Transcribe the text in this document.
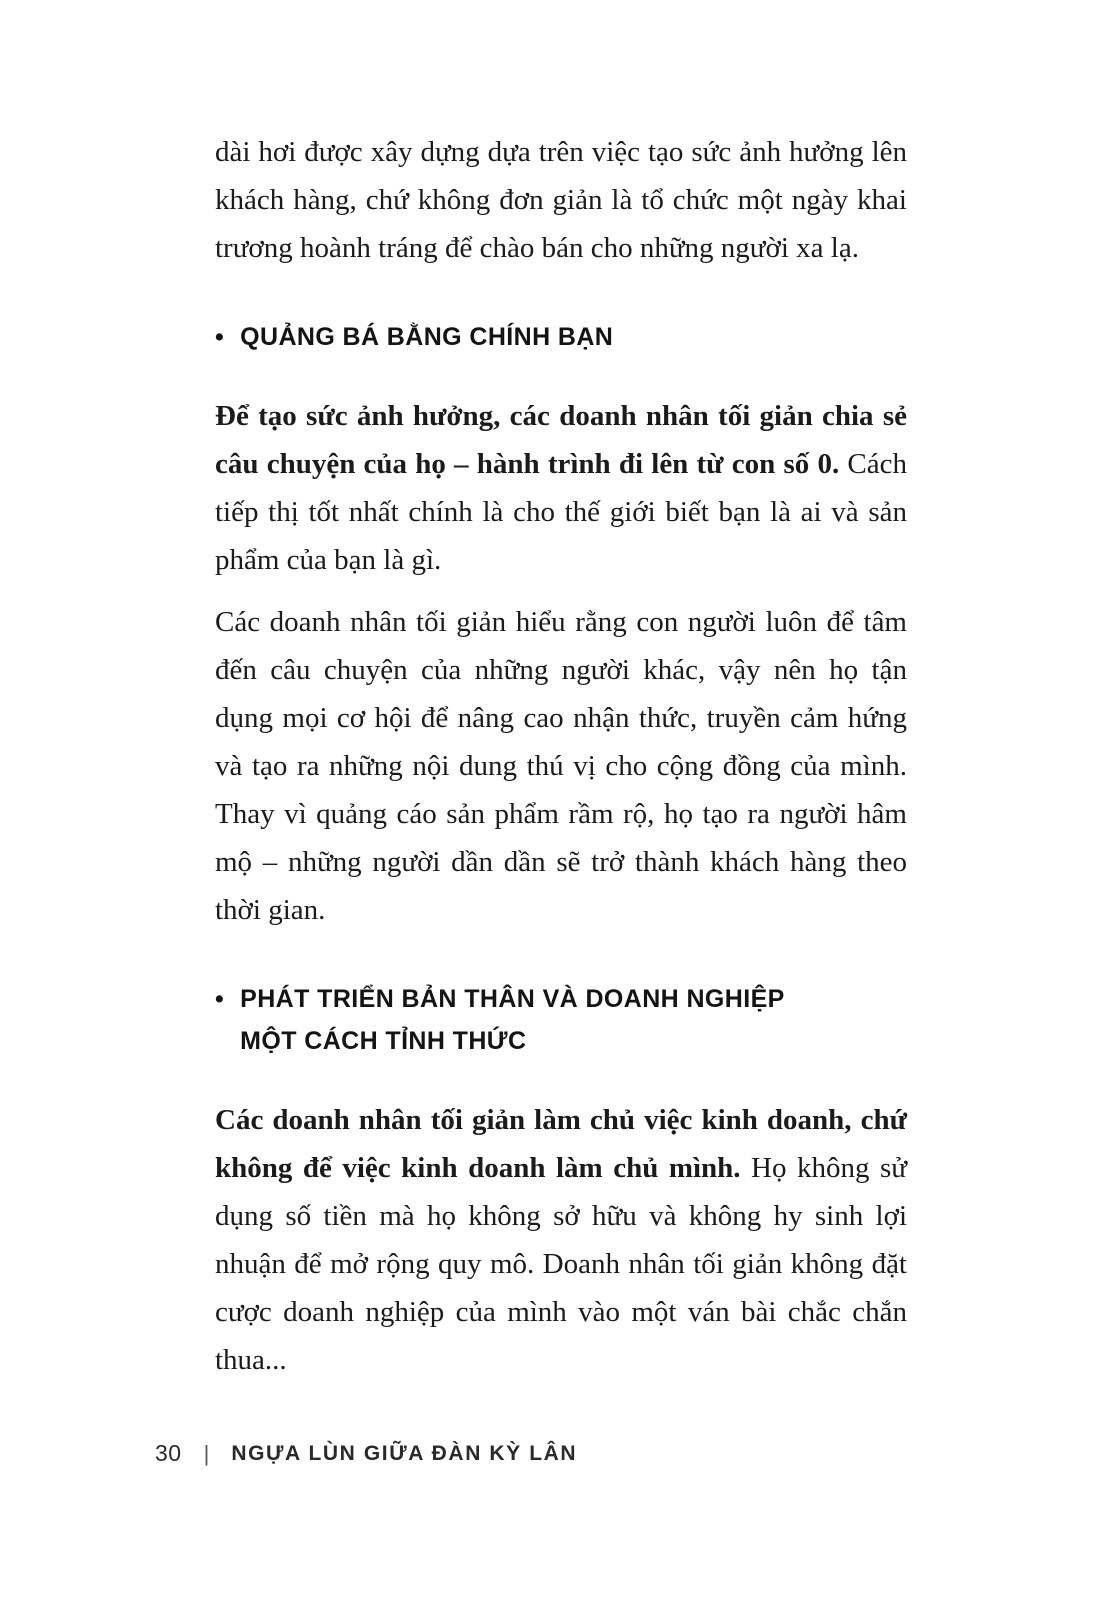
dài hơi được xây dựng dựa trên việc tạo sức ảnh hưởng lên khách hàng, chứ không đơn giản là tổ chức một ngày khai trương hoành tráng để chào bán cho những người xa lạ.

• QUẢNG BÁ BẰNG CHÍNH BẠN

Để tạo sức ảnh hưởng, các doanh nhân tối giản chia sẻ câu chuyện của họ – hành trình đi lên từ con số 0. Cách tiếp thị tốt nhất chính là cho thế giới biết bạn là ai và sản phẩm của bạn là gì.

Các doanh nhân tối giản hiểu rằng con người luôn để tâm đến câu chuyện của những người khác, vậy nên họ tận dụng mọi cơ hội để nâng cao nhận thức, truyền cảm hứng và tạo ra những nội dung thú vị cho cộng đồng của mình. Thay vì quảng cáo sản phẩm rầm rộ, họ tạo ra người hâm mộ – những người dần dần sẽ trở thành khách hàng theo thời gian.

• PHÁT TRIỂN BẢN THÂN VÀ DOANH NGHIỆP
MỘT CÁCH TỈNH THỨC

Các doanh nhân tối giản làm chủ việc kinh doanh, chứ không để việc kinh doanh làm chủ mình. Họ không sử dụng số tiền mà họ không sở hữu và không hy sinh lợi nhuận để mở rộng quy mô. Doanh nhân tối giản không đặt cược doanh nghiệp của mình vào một ván bài chắc chắn thua...

30 | NGỰA LÙN GIỮA ĐÀN KỲ LÂN
